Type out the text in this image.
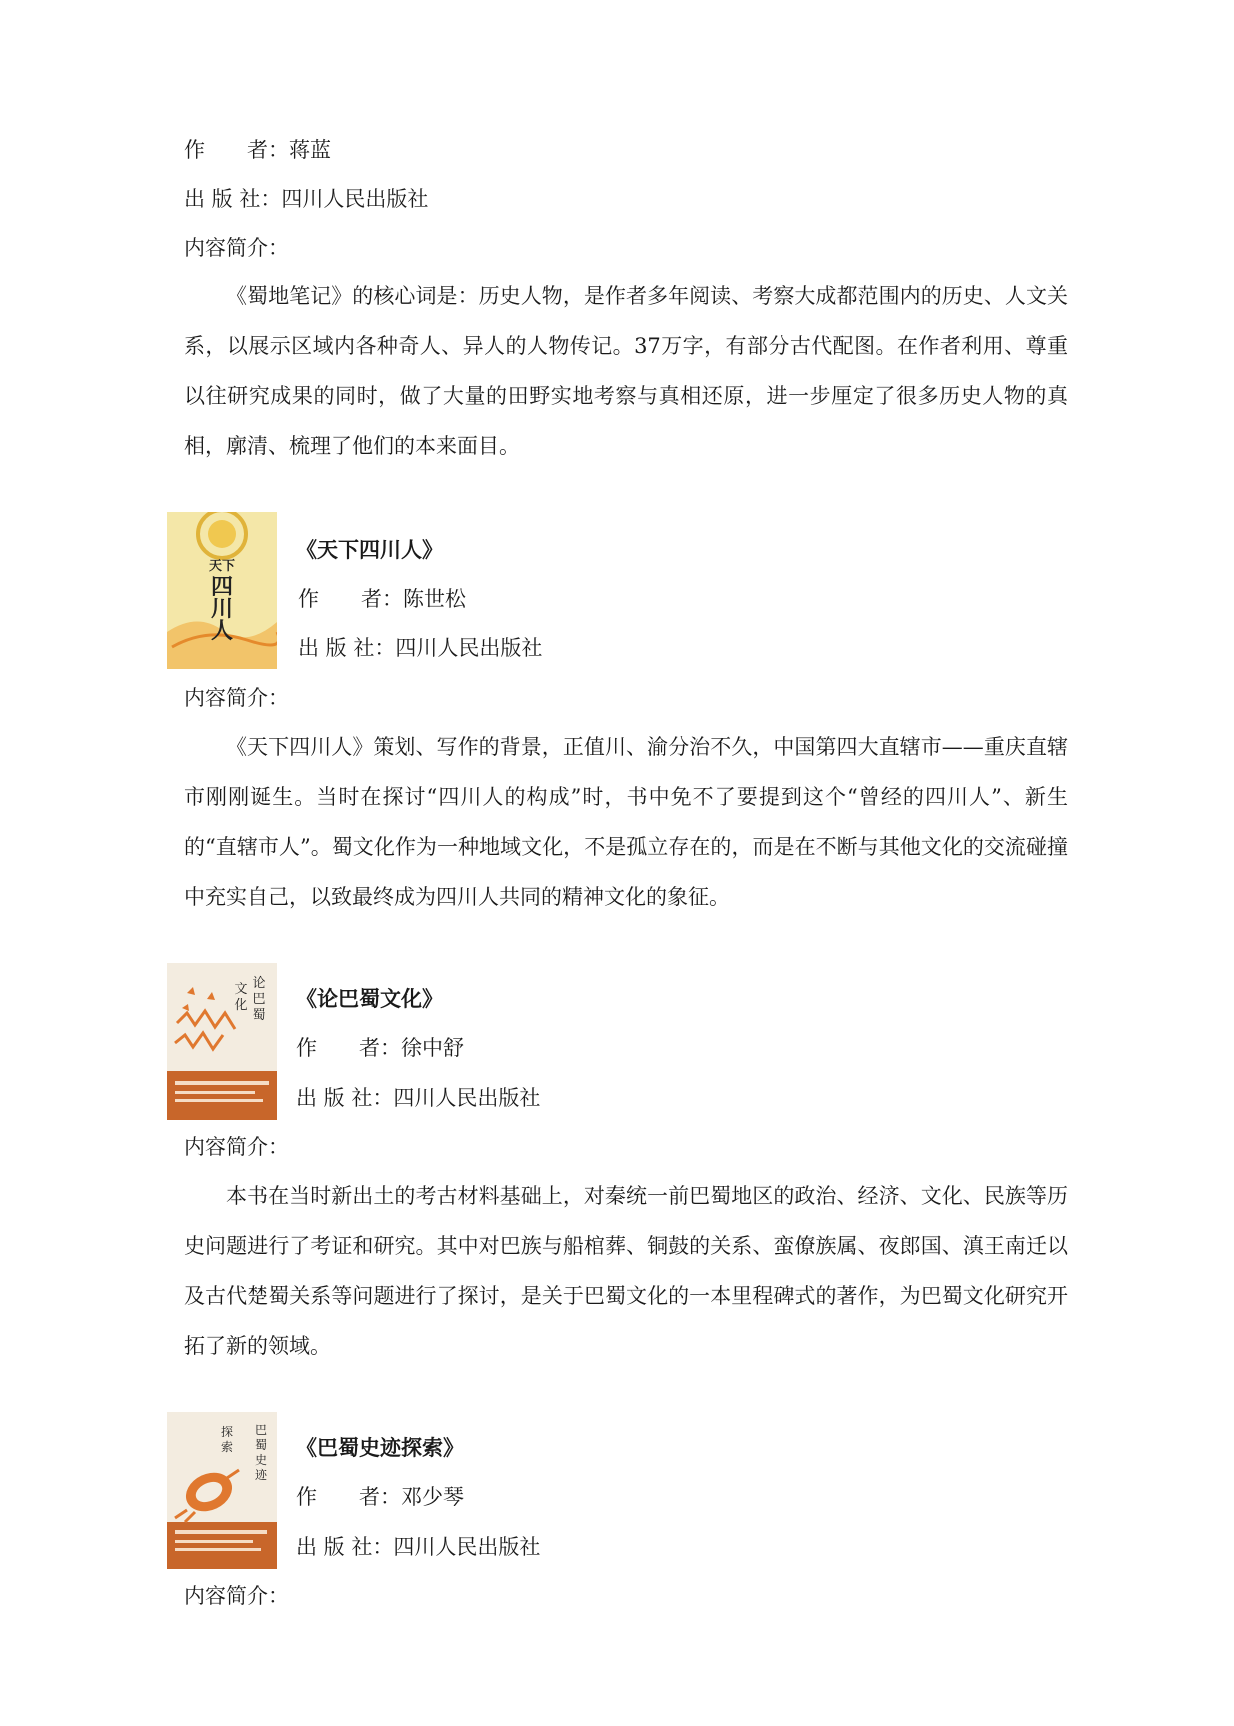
作　　者：蒋蓝
出 版 社：四川人民出版社
内容简介：

《蜀地笔记》的核心词是：历史人物，是作者多年阅读、考察大成都范围内的历史、人文关系，以展示区域内各种奇人、异人的人物传记。37万字，有部分古代配图。在作者利用、尊重以往研究成果的同时，做了大量的田野实地考察与真相还原，进一步厘定了很多历史人物的真相，廓清、梳理了他们的本来面目。

天下
四
川
人
《天下四川人》
作　　者：陈世松
出 版 社：四川人民出版社
内容简介：

《天下四川人》策划、写作的背景，正值川、渝分治不久，中国第四大直辖市——重庆直辖市刚刚诞生。当时在探讨“四川人的构成”时，书中免不了要提到这个“曾经的四川人”、新生的“直辖市人”。蜀文化作为一种地域文化，不是孤立存在的，而是在不断与其他文化的交流碰撞中充实自己，以致最终成为四川人共同的精神文化的象征。

论
巴
蜀
文
化 《论巴蜀文化》
作　　者：徐中舒
出 版 社：四川人民出版社
内容简介：

本书在当时新出土的考古材料基础上，对秦统一前巴蜀地区的政治、经济、文化、民族等历史问题进行了考证和研究。其中对巴族与船棺葬、铜鼓的关系、蛮僚族属、夜郎国、滇王南迁以及古代楚蜀关系等问题进行了探讨，是关于巴蜀文化的一本里程碑式的著作，为巴蜀文化研究开拓了新的领域。

巴
蜀
史
迹
探
索	《巴蜀史迹探索》
作　　者：邓少琴
出 版 社：四川人民出版社
内容简介：
